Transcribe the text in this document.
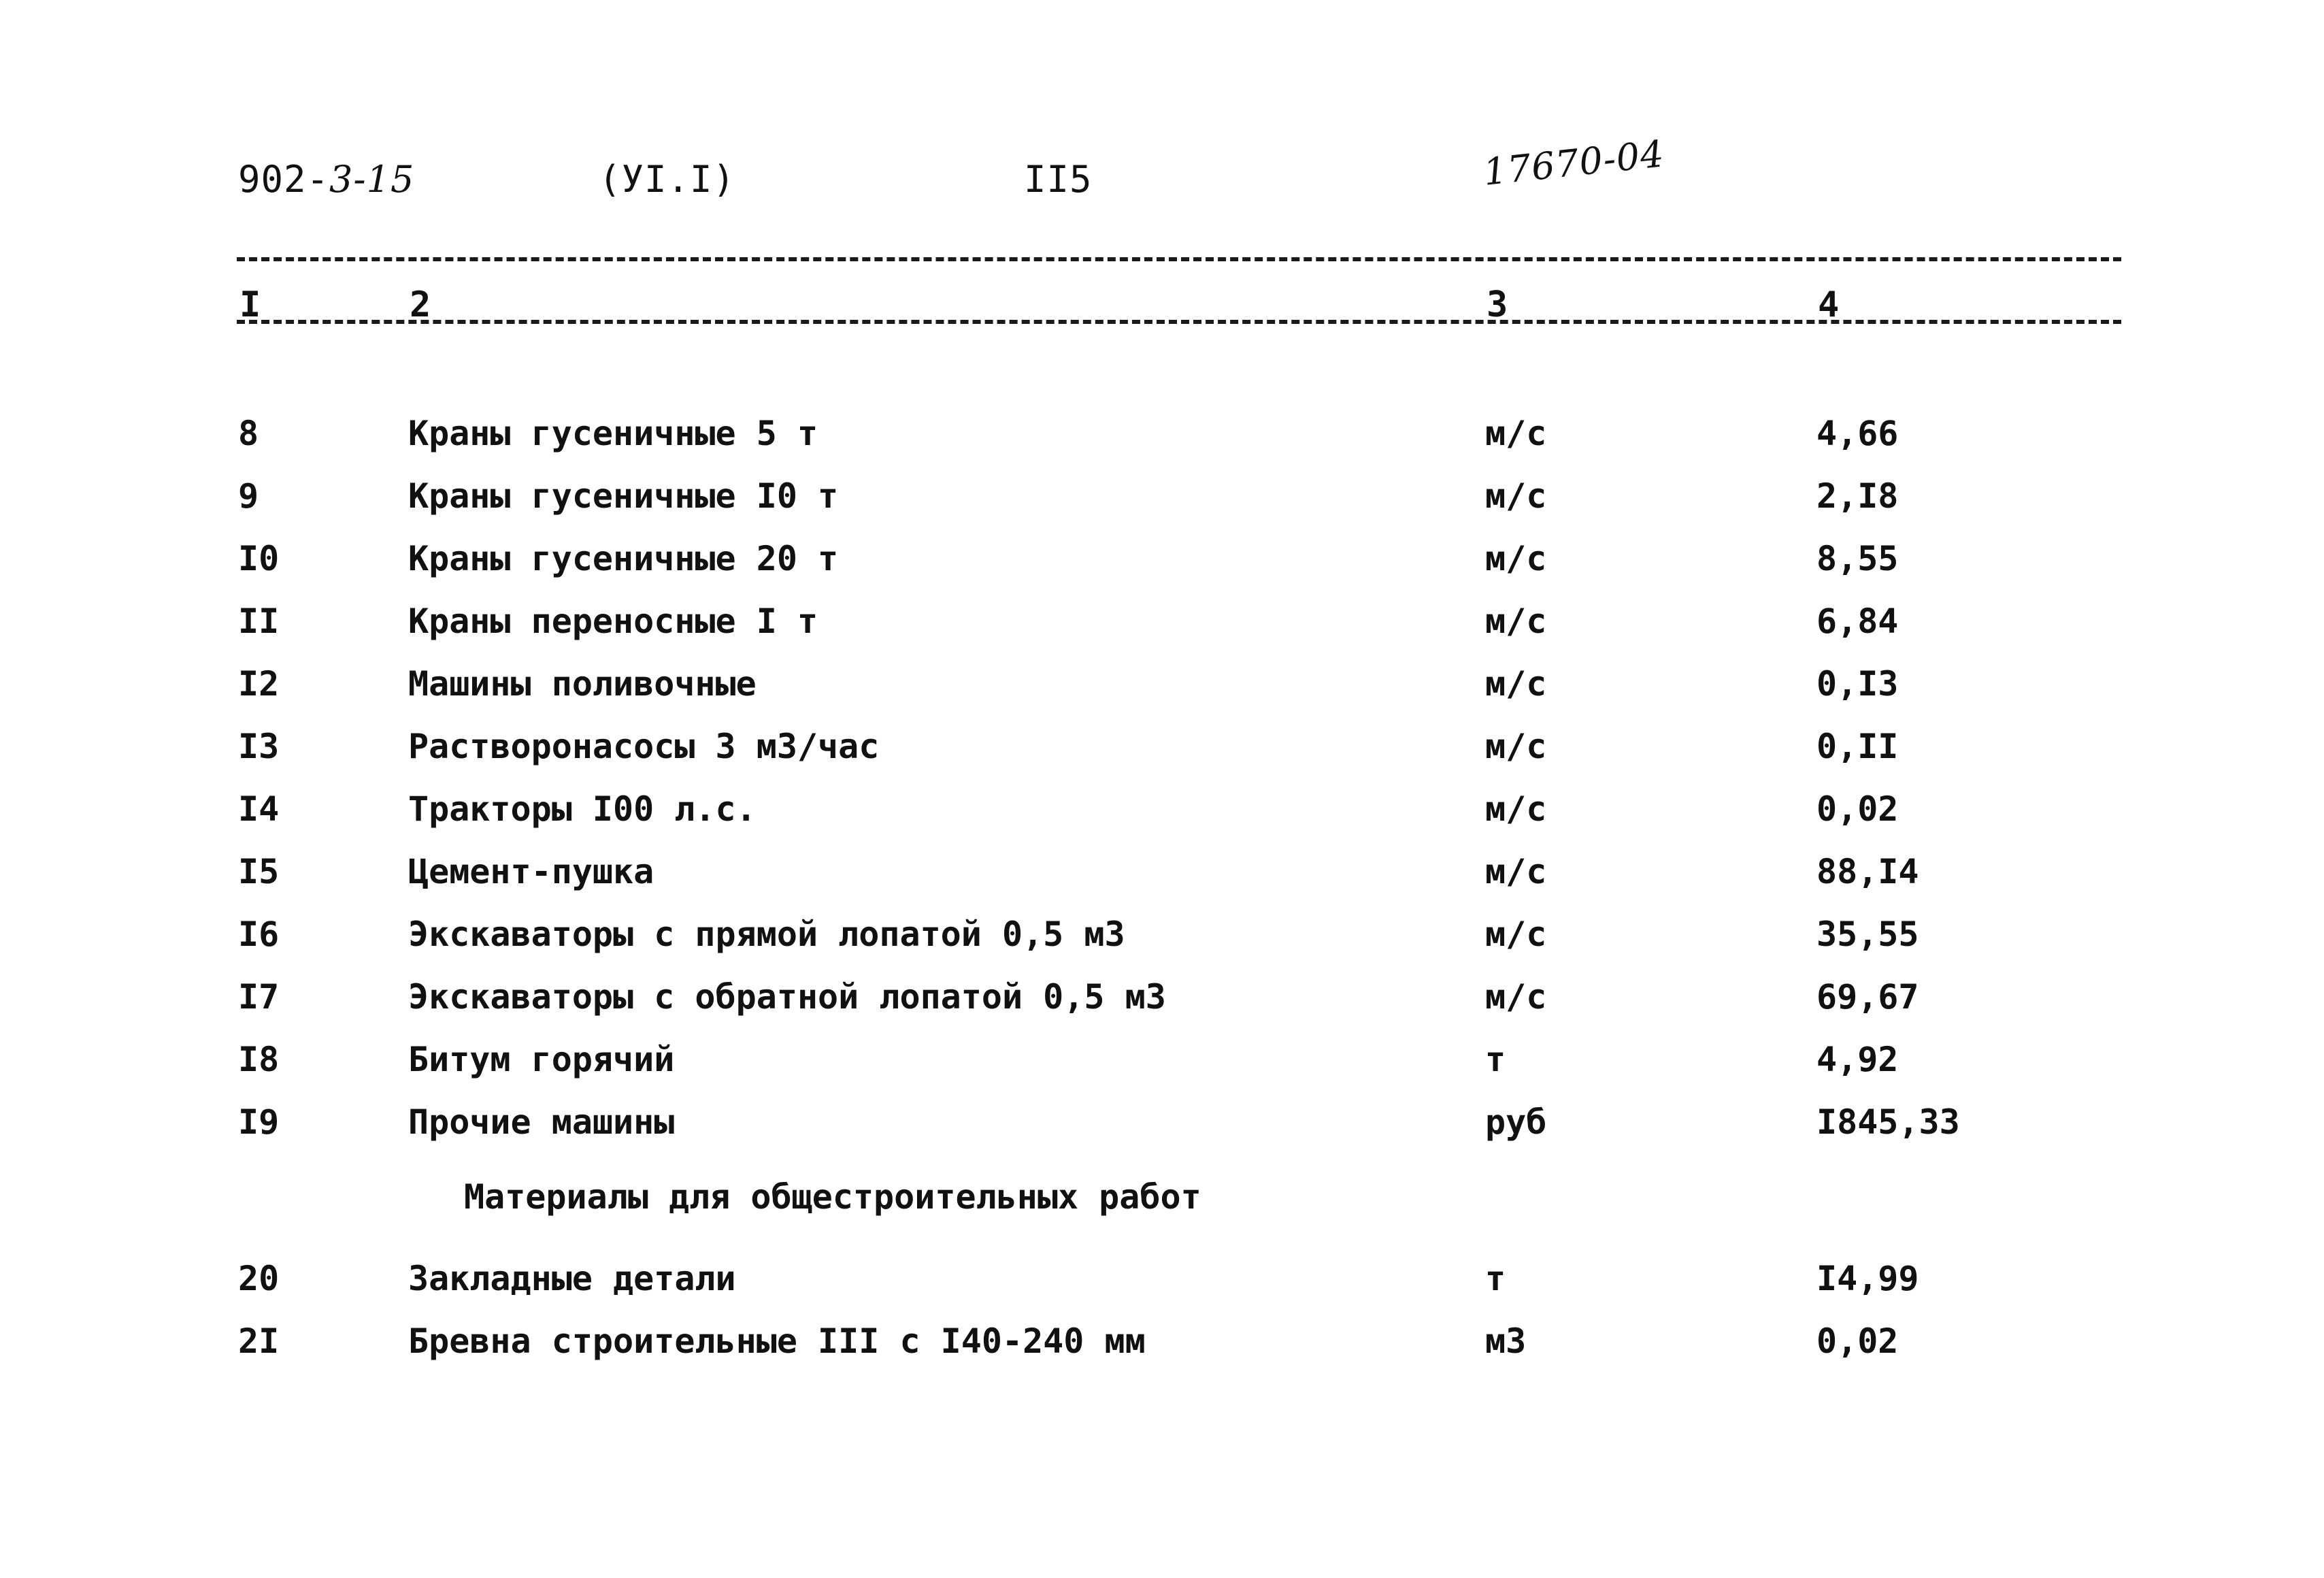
902-3-15	(УI.I)	II5	17670-04
I	2	3	4
8	Краны гусеничные 5 т	м/с	4,66
9	Краны гусеничные I0 т	м/с	2,I8
I0	Краны гусеничные 20 т	м/с	8,55
II	Краны переносные I т	м/с	6,84
I2	Машины поливочные	м/с	0,I3
I3	Растворонасосы 3 м3/час	м/с	0,II
I4	Тракторы I00 л.с.	м/с	0,02
I5	Цемент-пушка	м/с	88,I4
I6	Экскаваторы с прямой лопатой 0,5 м3	м/с	35,55
I7	Экскаваторы с обратной лопатой 0,5 м3	м/с	69,67
I8	Битум горячий	т	4,92
I9	Прочие машины	руб	I845,33
Материалы для общестроительных работ
20	Закладные детали	т	I4,99
2I	Бревна строительные III с I40-240 мм	м3	0,02
